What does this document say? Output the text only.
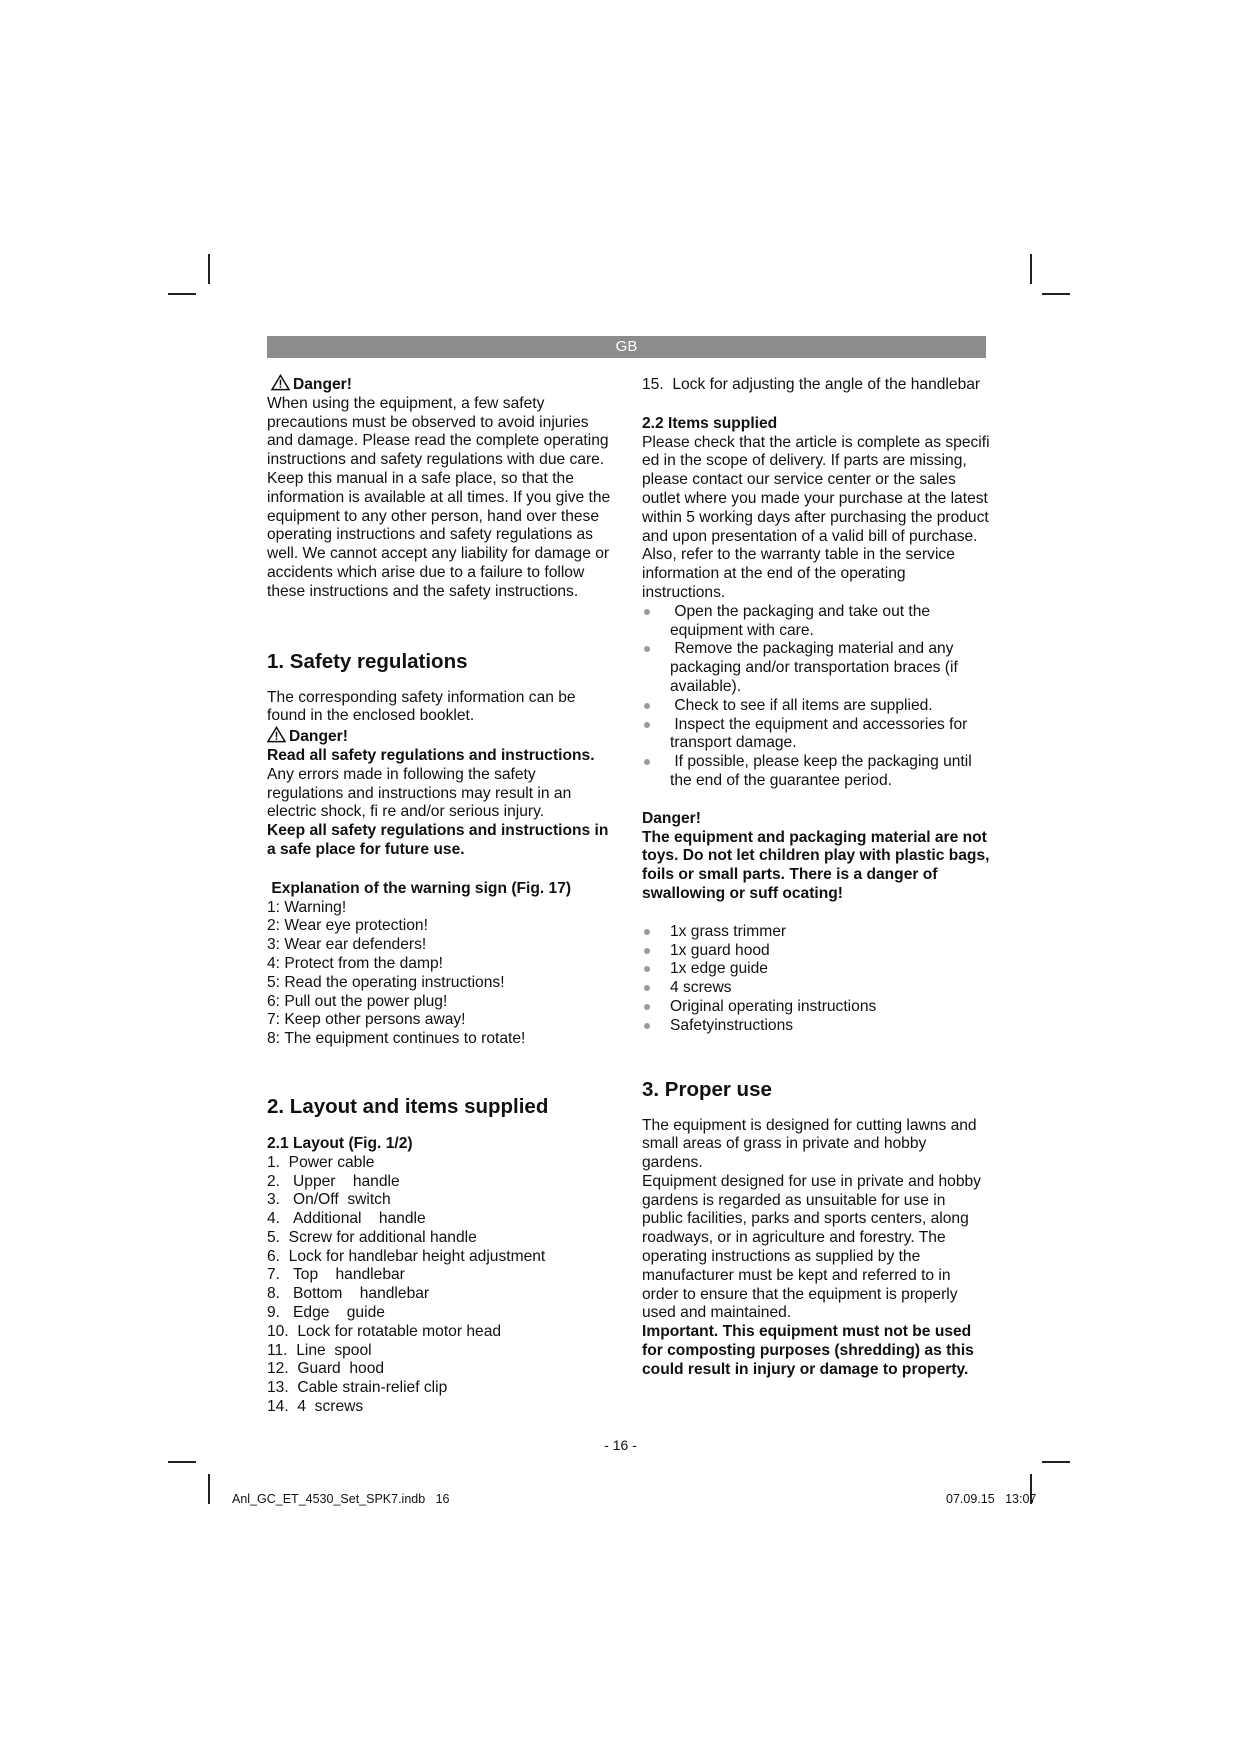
GB

Danger!

When using the equipment, a few safety precautions must be observed to avoid injuries and damage. Please read the complete operating instructions and safety regulations with due care. Keep this manual in a safe place, so that the information is available at all times. If you give the equipment to any other person, hand over these operating instructions and safety regulations as well. We cannot accept any liability for damage or accidents which arise due to a failure to follow these instructions and the safety instructions.

1. Safety regulations

The corresponding safety information can be found in the enclosed booklet.

Danger!

Read all safety regulations and instructions.

Any errors made in following the safety regulations and instructions may result in an electric shock, fi re and/or serious injury.

Keep all safety regulations and instructions in a safe place for future use.

Explanation of the warning sign (Fig. 17)
1: Warning!
2: Wear eye protection!
3: Wear ear defenders!
4: Protect from the damp!
5: Read the operating instructions!
6: Pull out the power plug!
7: Keep other persons away!
8: The equipment continues to rotate!
2. Layout and items supplied
2.1 Layout (Fig. 1/2)
1. Power cable
2. Upper    handle
3. On/Off  switch
4. Additional    handle
5. Screw for additional handle
6. Lock for handlebar height adjustment
7. Top    handlebar
8. Bottom    handlebar
9. Edge    guide
10. Lock for rotatable motor head
11. Line  spool
12. Guard  hood
13. Cable strain-relief clip
14. 4  screws

15.  Lock for adjusting the angle of the handlebar

2.2 Items supplied

Please check that the article is complete as specifi ed in the scope of delivery. If parts are missing, please contact our service center or the sales outlet where you made your purchase at the latest within 5 working days after purchasing the product and upon presentation of a valid bill of purchase. Also, refer to the warranty table in the service information at the end of the operating instructions.

Open the packaging and take out the equipment with care.
Remove the packaging material and any packaging and/or transportation braces (if available).
Check to see if all items are supplied.
Inspect the equipment and accessories for transport damage.
If possible, please keep the packaging until the end of the guarantee period.

Danger!

The equipment and packaging material are not toys. Do not let children play with plastic bags, foils or small parts. There is a danger of swallowing or suff ocating!

1x grass trimmer
1x guard hood
1x edge guide
4 screws
Original operating instructions
Safetyinstructions
3. Proper use

The equipment is designed for cutting lawns and small areas of grass in private and hobby gardens.

Equipment designed for use in private and hobby gardens is regarded as unsuitable for use in public facilities, parks and sports centers, along roadways, or in agriculture and forestry. The operating instructions as supplied by the manufacturer must be kept and referred to in order to ensure that the equipment is properly used and maintained.

Important. This equipment must not be used for composting purposes (shredding) as this could result in injury or damage to property.

- 16 -
Anl_GC_ET_4530_Set_SPK7.indb   16	07.09.15   13:07
